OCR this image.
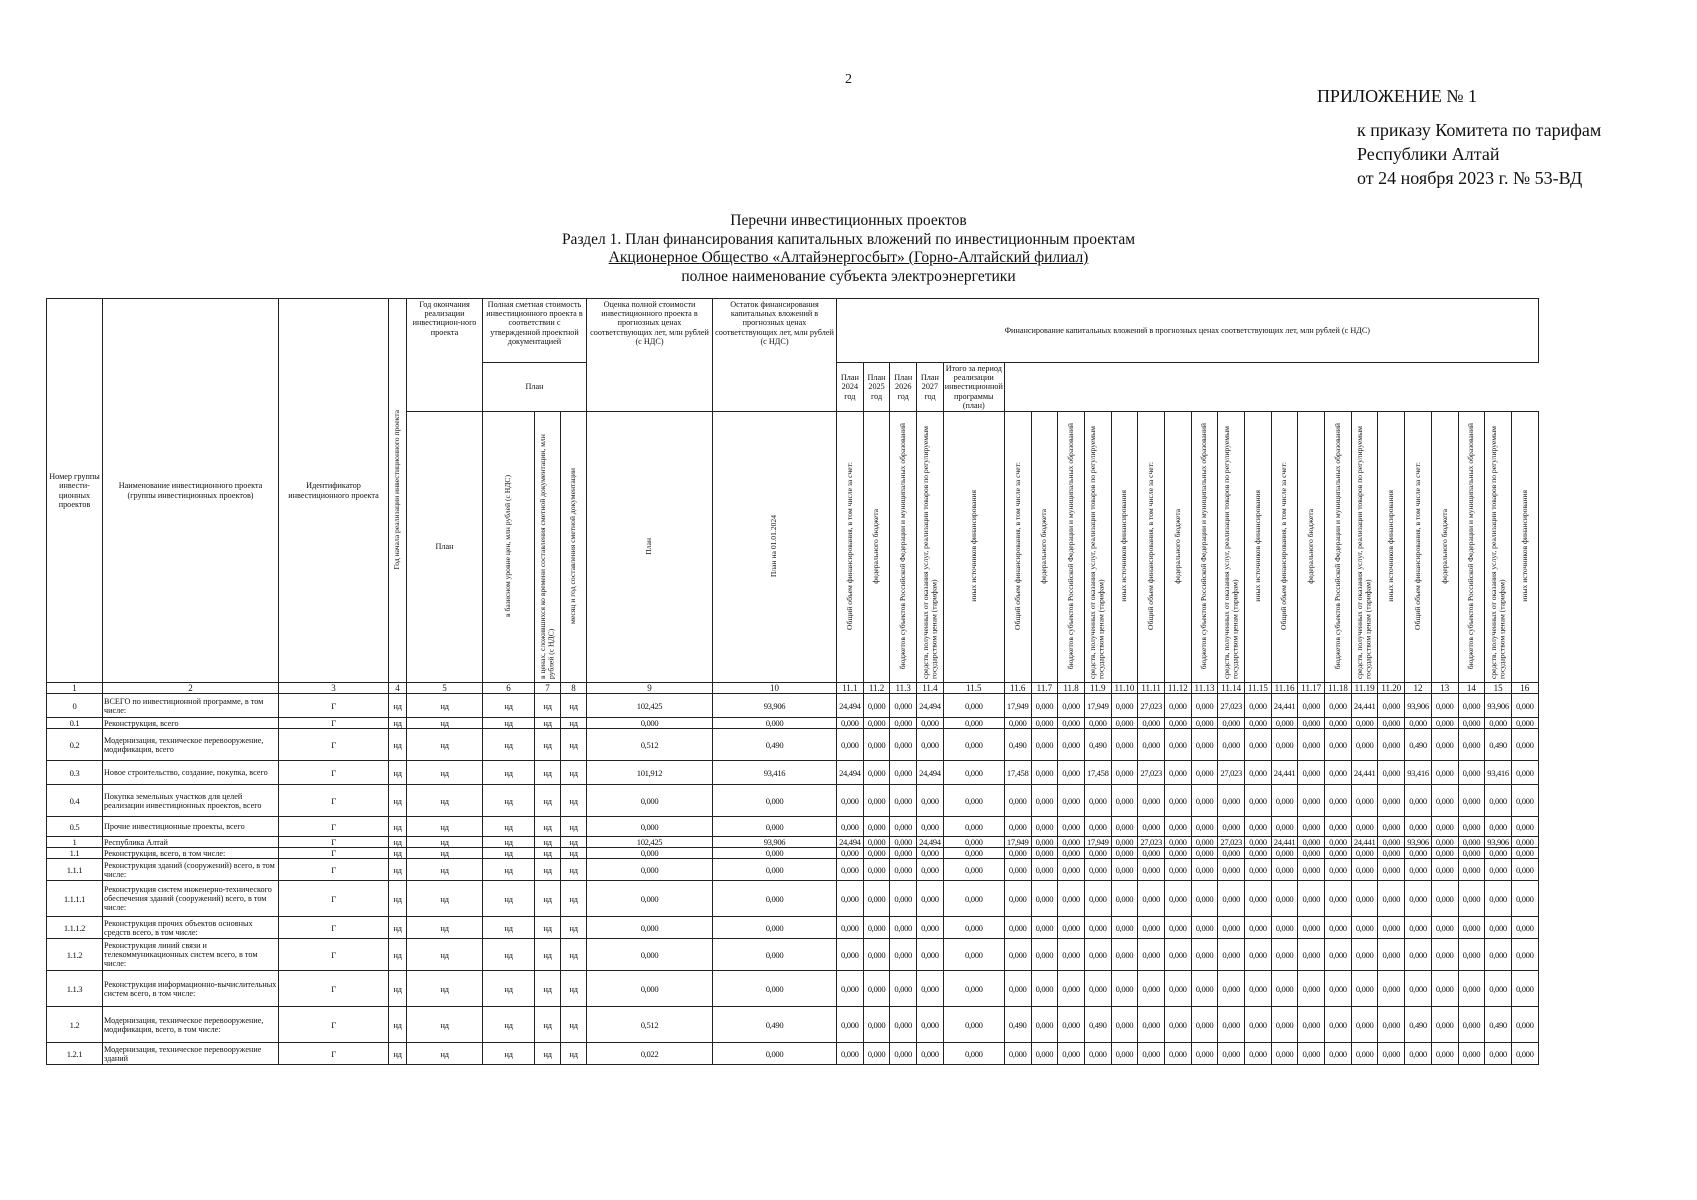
2
ПРИЛОЖЕНИЕ № 1
к приказу Комитета по тарифам
Республики Алтай
от 24 ноября 2023 г. № 53-ВД
Перечни инвестиционных проектов
Раздел 1. План финансирования капитальных вложений по инвестиционным проектам
Акционерное Общество «Алтайэнергосбыт» (Горно-Алтайский филиал)
полное наименование субъекта электроэнергетики
Номер группы инвести-ционных проектов	Наименование инвестиционного проекта (группы инвестиционных проектов)	Идентификатор инвестиционного проекта	Год начала реализации инвестиционного проекта	Год окончания реализации инвестицион-ного проекта	Полная сметная стоимость инвестиционного проекта в соответствии с утвержденной проектной документацией			Оценка полной стоимости инвестиционного проекта в прогнозных ценах соответствующих лет, млн рублей (с НДС)	Остаток финансирования капитальных вложений в прогнозных ценах соответствующих лет, млн рублей (с НДС)	Финансирование капитальных вложений в прогнозных ценах соответствующих лет, млн рублей (с НДС)																								
					План					План 2024 год	План 2025 год	План 2026 год	План 2027 год	Итого за период реализации инвестиционной программы (план)																				
				План	в базисном уровне цен, млн рублей (с НДС)	в ценах, сложившихся ко времени составления сметной документации, млн рублей (с НДС)	месяц и год составления сметной документации	План	План на 01.01.2024	Общий объем финансирования, в том числе за счет:	федерального бюджета	бюджетов субъектов Российской Федерации и муниципальных образований	средств, полученных от оказания услуг, реализации товаров по регулируемым государством ценам (тарифам)	иных источников финансирования	Общий объем финансирования, в том числе за счет:	федерального бюджета	бюджетов субъектов Российской Федерации и муниципальных образований	средств, полученных от оказания услуг, реализации товаров по регулируемым государством ценам (тарифам)	иных источников финансирования	Общий объем финансирования, в том числе за счет:	федерального бюджета	бюджетов субъектов Российской Федерации и муниципальных образований	средств, полученных от оказания услуг, реализации товаров по регулируемым государством ценам (тарифам)	иных источников финансирования	Общий объем финансирования, в том числе за счет:	федерального бюджета	бюджетов субъектов Российской Федерации и муниципальных образований	средств, полученных от оказания услуг, реализации товаров по регулируемым государством ценам (тарифам)	иных источников финансирования	Общий объем финансирования, в том числе за счет:	федерального бюджета	бюджетов субъектов Российской Федерации и муниципальных образований	средств, полученных от оказания услуг, реализации товаров по регулируемым государством ценам (тарифам)	иных источников финансирования
1	2	3	4	5	6	7	8	9	10	11.1	11.2	11.3	11.4	11.5	11.6	11.7	11.8	11.9	11.10	11.11	11.12	11.13	11.14	11.15	11.16	11.17	11.18	11.19	11.20	12	13	14	15	16
0	ВСЕГО по инвестиционной программе, в том числе:	Г	нд	нд	нд	нд	нд	102,425	93,906	24,494	0,000	0,000	24,494	0,000	17,949	0,000	0,000	17,949	0,000	27,023	0,000	0,000	27,023	0,000	24,441	0,000	0,000	24,441	0,000	93,906	0,000	0,000	93,906	0,000
0.1	Реконструкция, всего	Г	нд	нд	нд	нд	нд	0,000	0,000	0,000	0,000	0,000	0,000	0,000	0,000	0,000	0,000	0,000	0,000	0,000	0,000	0,000	0,000	0,000	0,000	0,000	0,000	0,000	0,000	0,000	0,000	0,000	0,000	0,000
0.2	Модернизация, техническое перевооружение, модификация, всего	Г	нд	нд	нд	нд	нд	0,512	0,490	0,000	0,000	0,000	0,000	0,000	0,490	0,000	0,000	0,490	0,000	0,000	0,000	0,000	0,000	0,000	0,000	0,000	0,000	0,000	0,000	0,490	0,000	0,000	0,490	0,000
0.3	Новое строительство, создание, покупка, всего	Г	нд	нд	нд	нд	нд	101,912	93,416	24,494	0,000	0,000	24,494	0,000	17,458	0,000	0,000	17,458	0,000	27,023	0,000	0,000	27,023	0,000	24,441	0,000	0,000	24,441	0,000	93,416	0,000	0,000	93,416	0,000
0.4	Покупка земельных участков для целей реализации инвестиционных проектов, всего	Г	нд	нд	нд	нд	нд	0,000	0,000	0,000	0,000	0,000	0,000	0,000	0,000	0,000	0,000	0,000	0,000	0,000	0,000	0,000	0,000	0,000	0,000	0,000	0,000	0,000	0,000	0,000	0,000	0,000	0,000	0,000
0.5	Прочие инвестиционные проекты, всего	Г	нд	нд	нд	нд	нд	0,000	0,000	0,000	0,000	0,000	0,000	0,000	0,000	0,000	0,000	0,000	0,000	0,000	0,000	0,000	0,000	0,000	0,000	0,000	0,000	0,000	0,000	0,000	0,000	0,000	0,000	0,000
1	Республика Алтай	Г	нд	нд	нд	нд	нд	102,425	93,906	24,494	0,000	0,000	24,494	0,000	17,949	0,000	0,000	17,949	0,000	27,023	0,000	0,000	27,023	0,000	24,441	0,000	0,000	24,441	0,000	93,906	0,000	0,000	93,906	0,000
1.1	Реконструкция, всего, в том числе:	Г	нд	нд	нд	нд	нд	0,000	0,000	0,000	0,000	0,000	0,000	0,000	0,000	0,000	0,000	0,000	0,000	0,000	0,000	0,000	0,000	0,000	0,000	0,000	0,000	0,000	0,000	0,000	0,000	0,000	0,000	0,000
1.1.1	Реконструкция зданий (сооружений) всего, в том числе:	Г	нд	нд	нд	нд	нд	0,000	0,000	0,000	0,000	0,000	0,000	0,000	0,000	0,000	0,000	0,000	0,000	0,000	0,000	0,000	0,000	0,000	0,000	0,000	0,000	0,000	0,000	0,000	0,000	0,000	0,000	0,000
1.1.1.1	Реконструкция систем инженерно-технического обеспечения зданий (сооружений) всего, в том числе:	Г	нд	нд	нд	нд	нд	0,000	0,000	0,000	0,000	0,000	0,000	0,000	0,000	0,000	0,000	0,000	0,000	0,000	0,000	0,000	0,000	0,000	0,000	0,000	0,000	0,000	0,000	0,000	0,000	0,000	0,000	0,000
1.1.1.2	Реконструкция прочих объектов основных средств всего, в том числе:	Г	нд	нд	нд	нд	нд	0,000	0,000	0,000	0,000	0,000	0,000	0,000	0,000	0,000	0,000	0,000	0,000	0,000	0,000	0,000	0,000	0,000	0,000	0,000	0,000	0,000	0,000	0,000	0,000	0,000	0,000	0,000
1.1.2	Реконструкция линий связи и телекоммуникационных систем всего, в том числе:	Г	нд	нд	нд	нд	нд	0,000	0,000	0,000	0,000	0,000	0,000	0,000	0,000	0,000	0,000	0,000	0,000	0,000	0,000	0,000	0,000	0,000	0,000	0,000	0,000	0,000	0,000	0,000	0,000	0,000	0,000	0,000
1.1.3	Реконструкция информационно-вычислительных систем всего, в том числе:	Г	нд	нд	нд	нд	нд	0,000	0,000	0,000	0,000	0,000	0,000	0,000	0,000	0,000	0,000	0,000	0,000	0,000	0,000	0,000	0,000	0,000	0,000	0,000	0,000	0,000	0,000	0,000	0,000	0,000	0,000	0,000
1.2	Модернизация, техническое перевооружение, модификация, всего, в том числе:	Г	нд	нд	нд	нд	нд	0,512	0,490	0,000	0,000	0,000	0,000	0,000	0,490	0,000	0,000	0,490	0,000	0,000	0,000	0,000	0,000	0,000	0,000	0,000	0,000	0,000	0,000	0,490	0,000	0,000	0,490	0,000
1.2.1	Модернизация, техническое перевооружение зданий	Г	нд	нд	нд	нд	нд	0,022	0,000	0,000	0,000	0,000	0,000	0,000	0,000	0,000	0,000	0,000	0,000	0,000	0,000	0,000	0,000	0,000	0,000	0,000	0,000	0,000	0,000	0,000	0,000	0,000	0,000	0,000
